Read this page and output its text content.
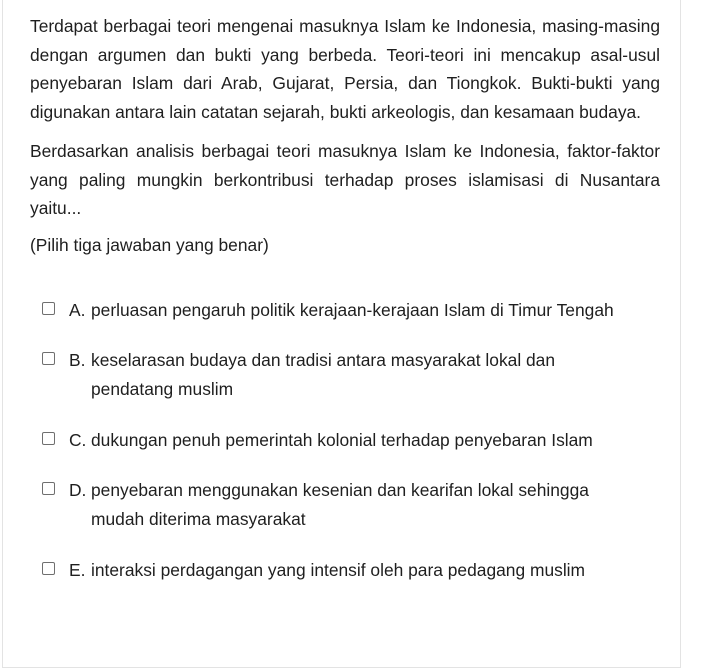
Terdapat berbagai teori mengenai masuknya Islam ke Indonesia, masing-masing dengan argumen dan bukti yang berbeda. Teori-teori ini mencakup asal-usul penyebaran Islam dari Arab, Gujarat, Persia, dan Tiongkok. Bukti-bukti yang digunakan antara lain catatan sejarah, bukti arkeologis, dan kesamaan budaya.

Berdasarkan analisis berbagai teori masuknya Islam ke Indonesia, faktor-faktor yang paling mungkin berkontribusi terhadap proses islamisasi di Nusantara yaitu...

(Pilih tiga jawaban yang benar)

A. perluasan pengaruh politik kerajaan-kerajaan Islam di Timur Tengah
B. keselarasan budaya dan tradisi antara masyarakat lokal dan pendatang muslim
C. dukungan penuh pemerintah kolonial terhadap penyebaran Islam
D. penyebaran menggunakan kesenian dan kearifan lokal sehingga mudah diterima masyarakat
E. interaksi perdagangan yang intensif oleh para pedagang muslim
